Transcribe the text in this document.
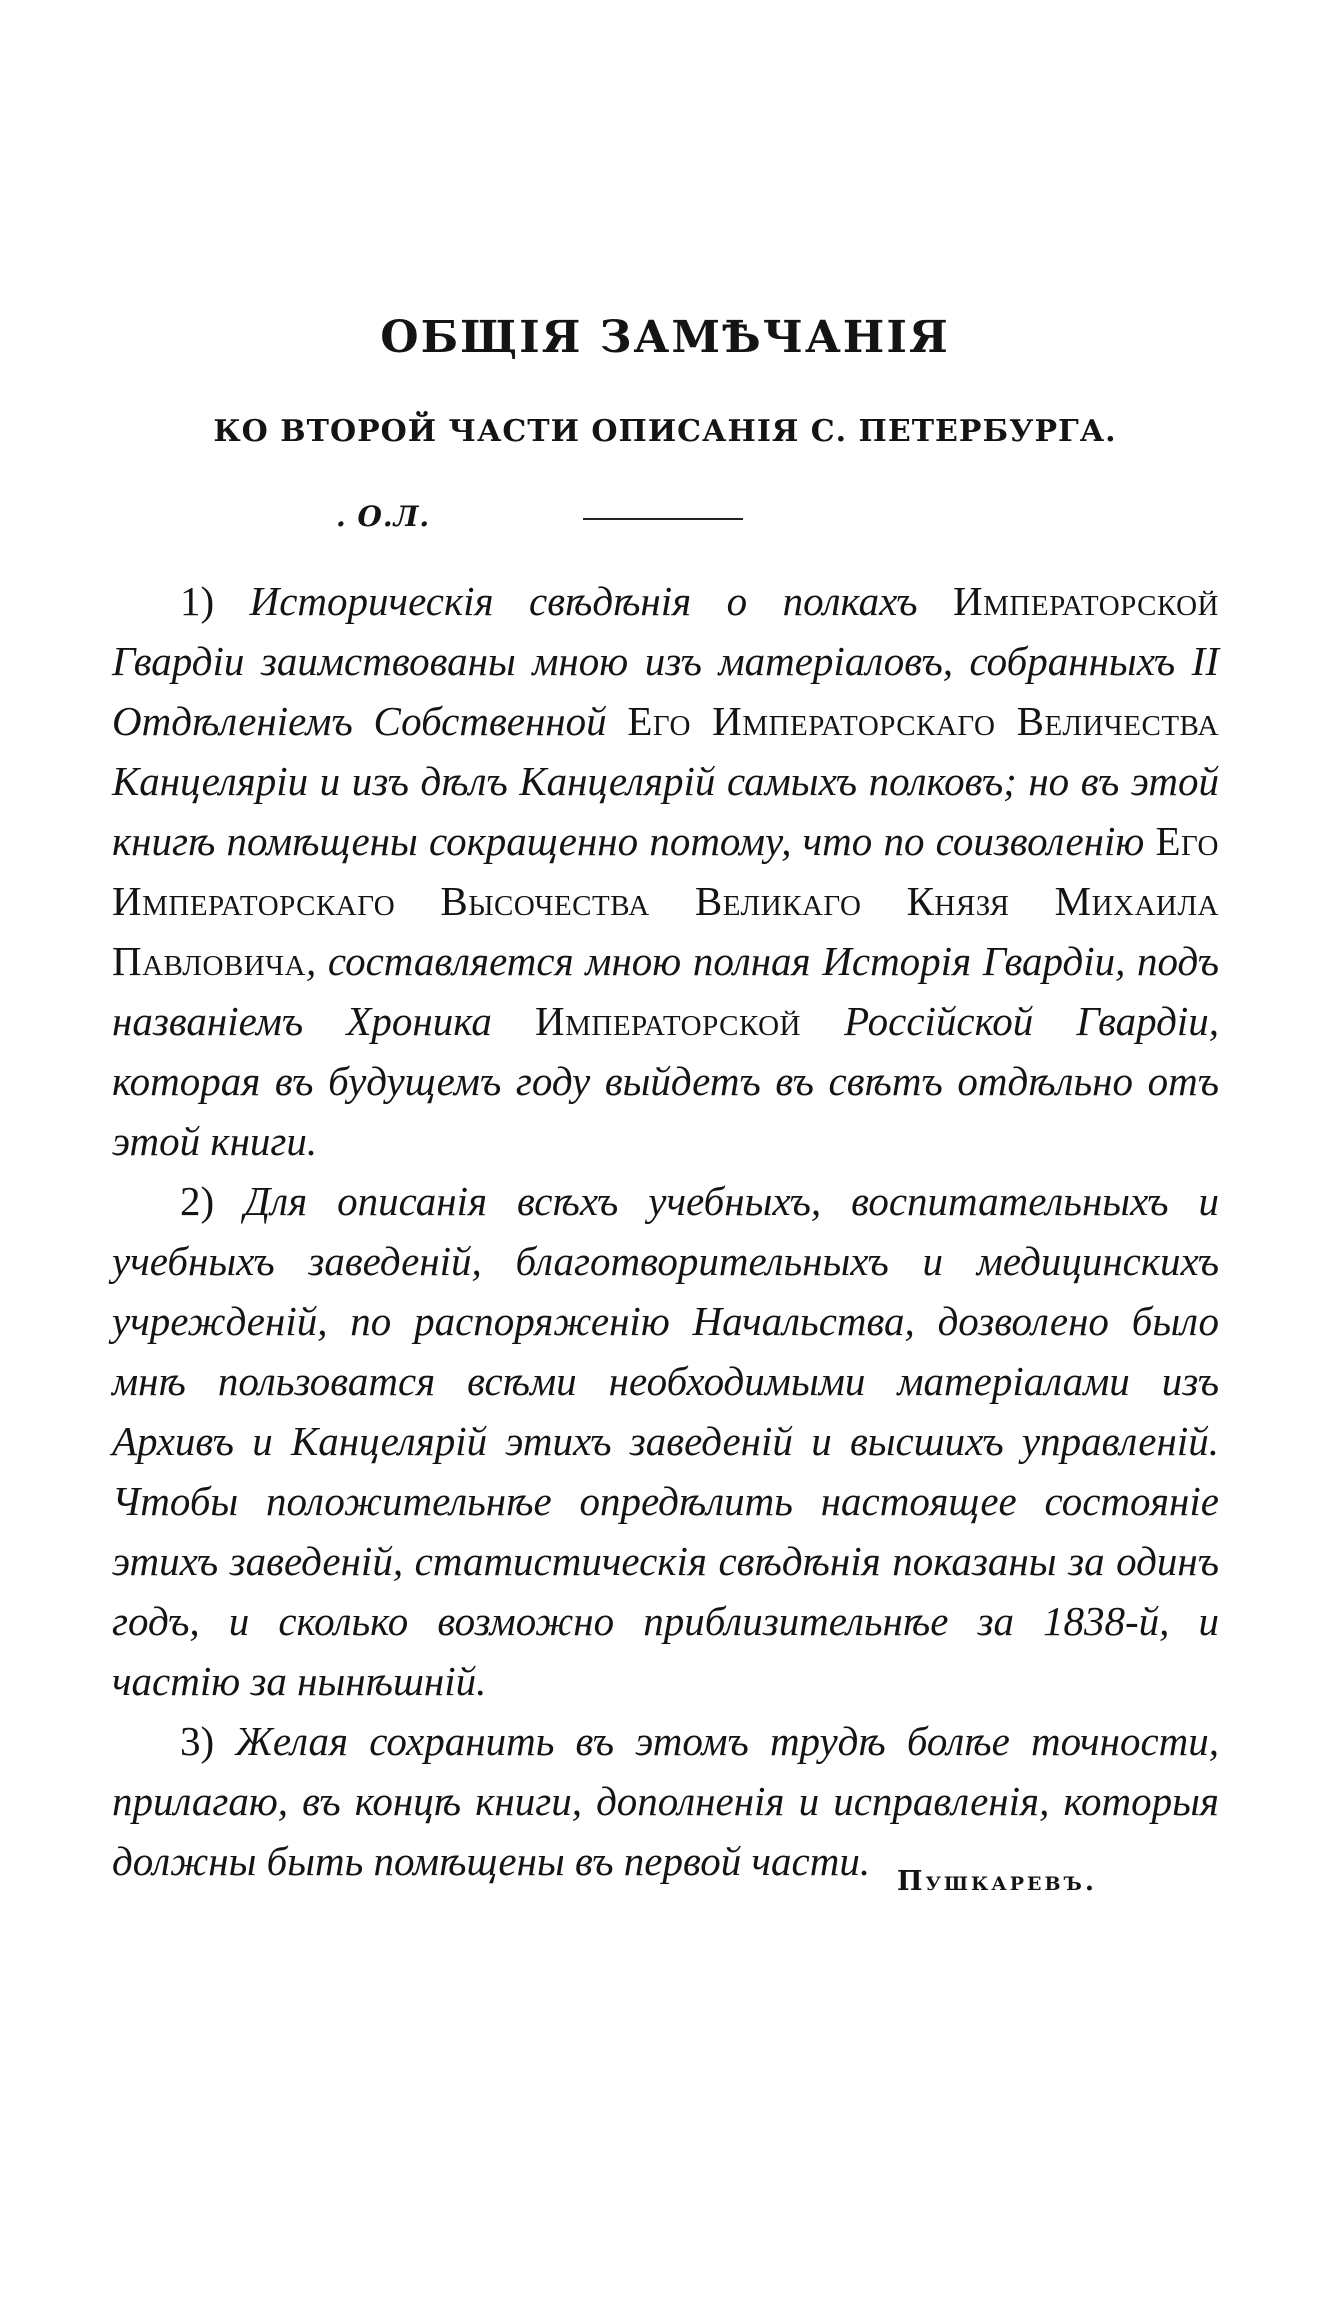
ОБЩІЯ ЗАМѢЧАНІЯ
КО ВТОРОЙ ЧАСТИ ОПИСАНІЯ С. ПЕТЕРБУРГА.
. О.Л.

1) Историческія свѣдѣнія о полкахъ Императорской Гвардіи заимствованы мною изъ матеріаловъ, собранныхъ II Отдѣленіемъ Собственной Его Императорскаго Величества Канцеляріи и изъ дѣлъ Канцелярій самыхъ полковъ; но въ этой книгѣ помѣщены сокращенно потому, что по соизволенію Его Императорскаго Высочества Великаго Князя Михаила Павловича, составляется мною полная Исторія Гвардіи, подъ названіемъ Хроника Императорской Россійской Гвардіи, которая въ будущемъ году выйдетъ въ свѣтъ отдѣльно отъ этой книги.

2) Для описанія всѣхъ учебныхъ, воспитательныхъ и учебныхъ заведеній, благотворительныхъ и медицинскихъ учрежденій, по распоряженію Начальства, дозволено было мнѣ пользоватся всѣми необходимыми матеріалами изъ Архивъ и Канцелярій этихъ заведеній и высшихъ управленій. Чтобы положительнѣе опредѣлить настоящее состояніе этихъ заведеній, статистическія свѣдѣнія показаны за одинъ годъ, и сколько возможно приблизительнѣе за 1838-й, и частію за нынѣшній.

3) Желая сохранить въ этомъ трудѣ болѣе точности, прилагаю, въ концѣ книги, дополненія и исправленія, которыя должны быть помѣщены въ первой части. Пушкаревъ.
